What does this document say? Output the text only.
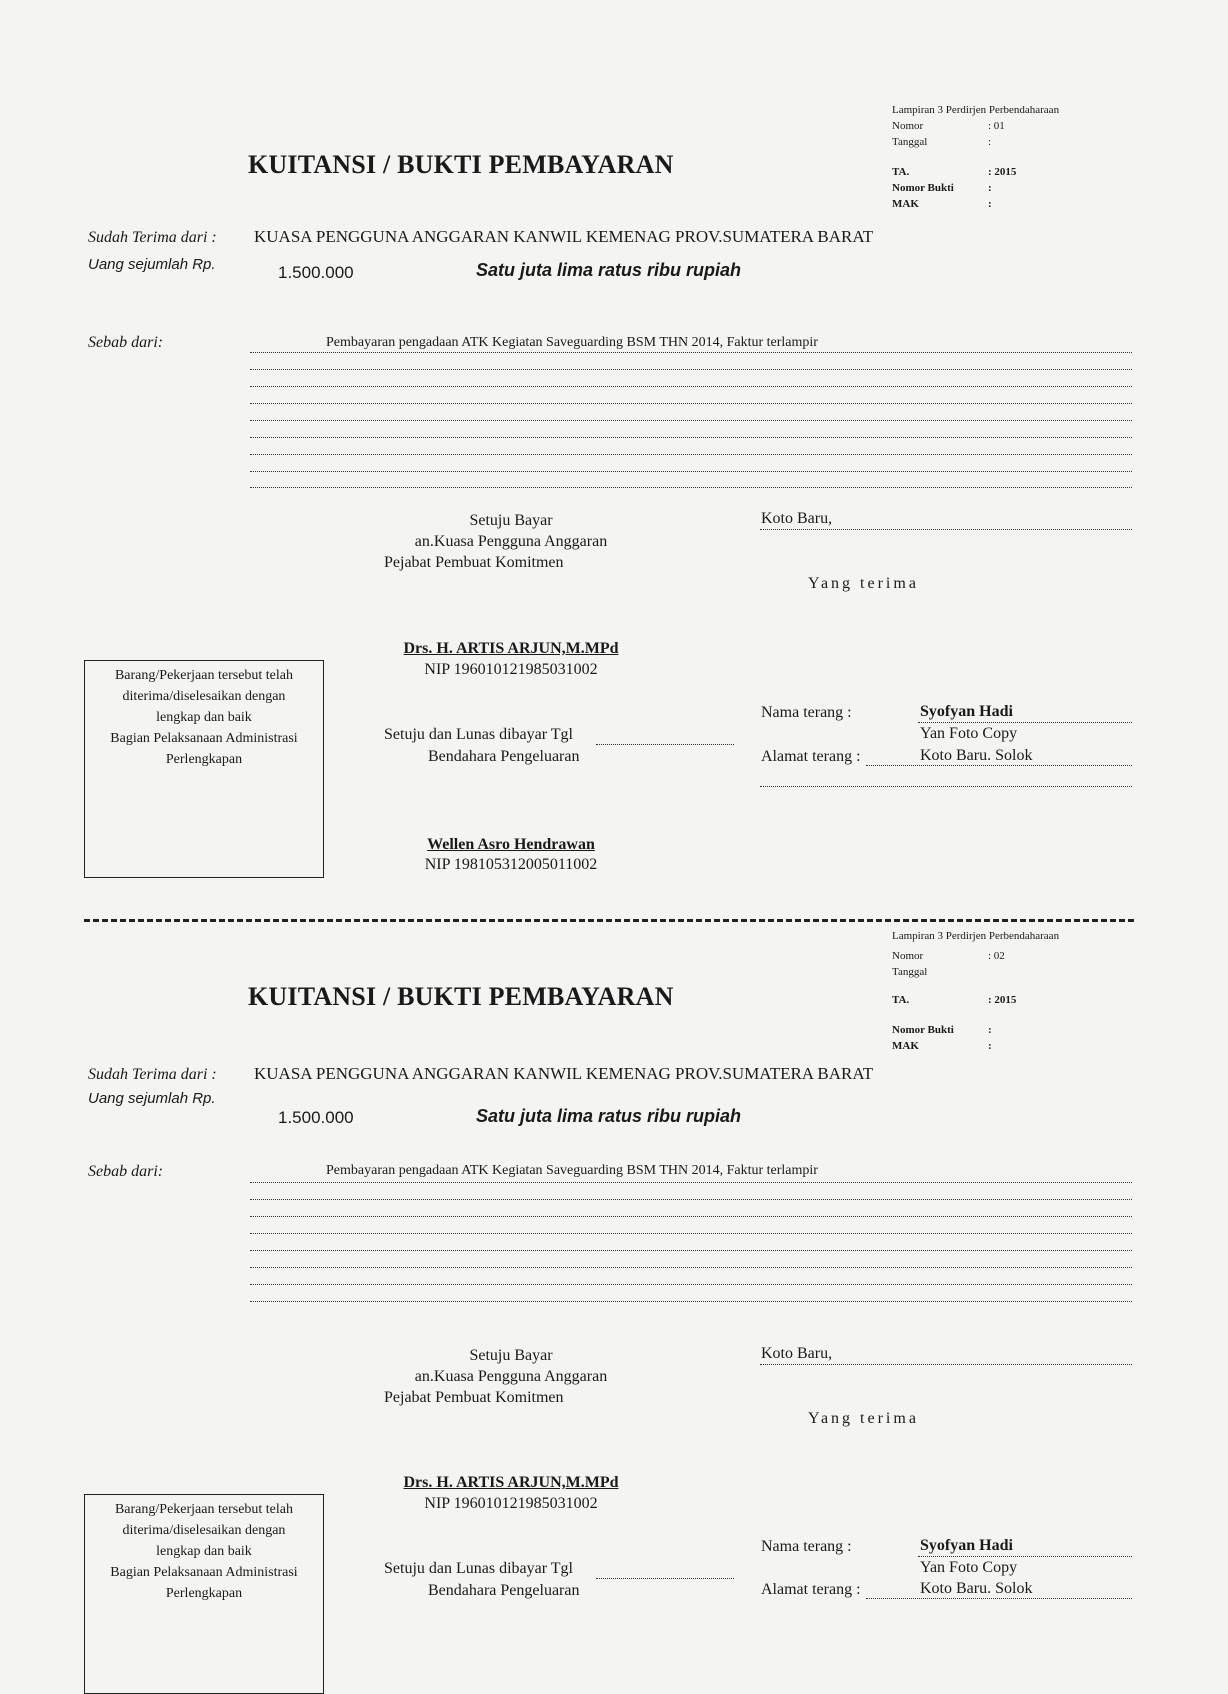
Lampiran 3 Perdirjen Perbendaharaan
Nomor	: 01
Tanggal	:
TA.	: 2015
Nomor Bukti	:
MAK	:
KUITANSI / BUKTI PEMBAYARAN
Sudah Terima dari : KUASA PENGGUNA ANGGARAN KANWIL KEMENAG PROV.SUMATERA BARAT
Uang sejumlah Rp.	1.500.000	Satu juta lima ratus ribu rupiah
Sebab dari:	Pembayaran pengadaan ATK Kegiatan Saveguarding BSM THN 2014, Faktur terlampir
Setuju Bayar
an.Kuasa Pengguna Anggaran
Pejabat Pembuat Komitmen
Koto Baru,
Yang terima
Drs. H. ARTIS ARJUN,M.MPd
NIP 196010121985031002
Barang/Pekerjaan tersebut telah
diterima/diselesaikan dengan
lengkap dan baik
Bagian Pelaksanaan Administrasi
Perlengkapan
Setuju dan Lunas dibayar Tgl
Bendahara Pengeluaran
Nama terang :	Syofyan Hadi
Yan Foto Copy
Alamat terang :	Koto Baru. Solok
Wellen Asro Hendrawan
NIP 198105312005011002
Lampiran 3 Perdirjen Perbendaharaan
Nomor	: 02
Tanggal
TA.	: 2015
Nomor Bukti	:
MAK	:
KUITANSI / BUKTI PEMBAYARAN
Sudah Terima dari : KUASA PENGGUNA ANGGARAN KANWIL KEMENAG PROV.SUMATERA BARAT
Uang sejumlah Rp.
1.500.000	Satu juta lima ratus ribu rupiah
Sebab dari:	Pembayaran pengadaan ATK Kegiatan Saveguarding BSM THN 2014, Faktur terlampir
Setuju Bayar
an.Kuasa Pengguna Anggaran
Pejabat Pembuat Komitmen
Koto Baru,
Yang terima
Drs. H. ARTIS ARJUN,M.MPd
NIP 196010121985031002
Barang/Pekerjaan tersebut telah
diterima/diselesaikan dengan
lengkap dan baik
Bagian Pelaksanaan Administrasi
Perlengkapan
Setuju dan Lunas dibayar Tgl
Bendahara Pengeluaran
Nama terang :	Syofyan Hadi
Yan Foto Copy
Alamat terang :	Koto Baru. Solok
